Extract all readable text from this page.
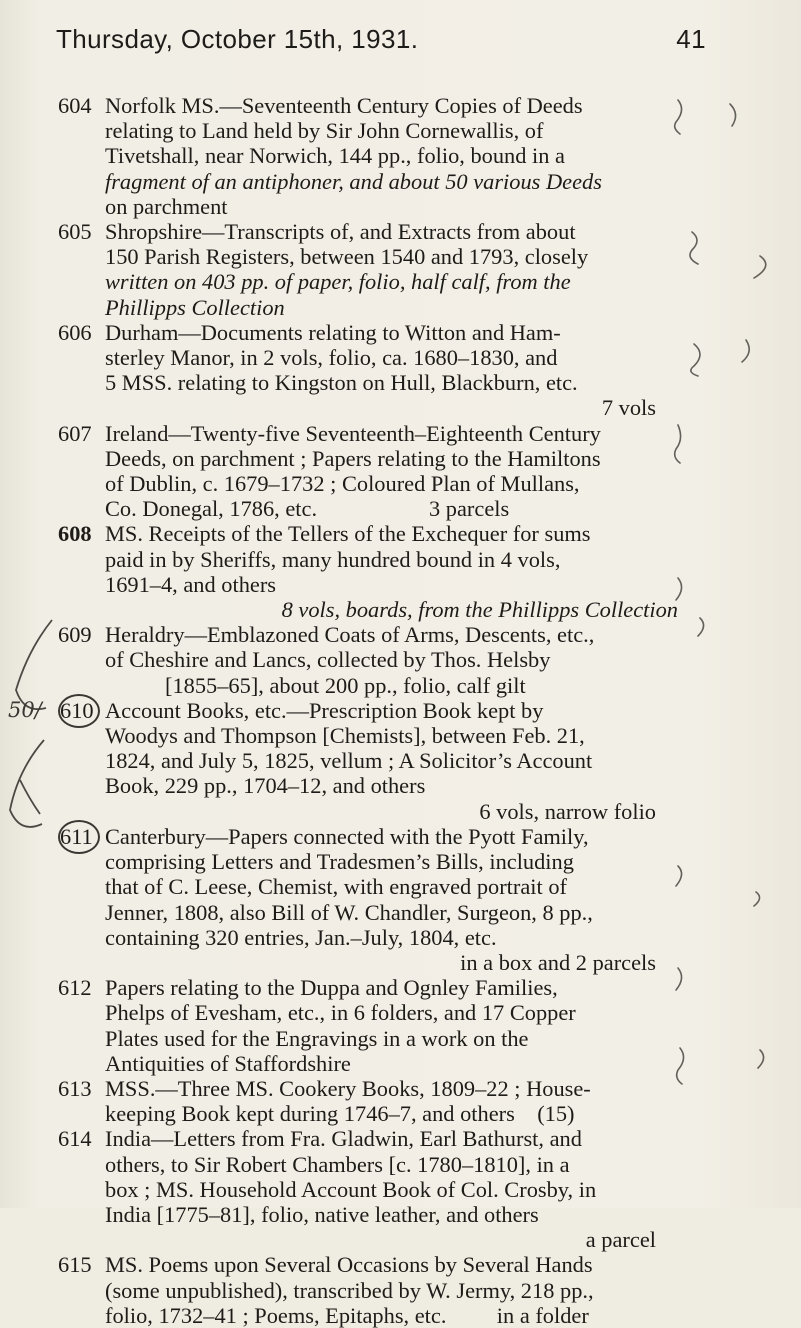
Thursday, October 15th, 1931.	41
604 Norfolk MS.—Seventeenth Century Copies of Deeds
relating to Land held by Sir John Cornewallis, of
Tivetshall, near Norwich, 144 pp., folio, bound in a
fragment of an antiphoner, and about 50 various Deeds
on parchment
605 Shropshire—Transcripts of, and Extracts from about
150 Parish Registers, between 1540 and 1793, closely
written on 403 pp. of paper, folio, half calf, from the
Phillipps Collection
606 Durham—Documents relating to Witton and Ham-
sterley Manor, in 2 vols, folio, ca. 1680–1830, and
5 MSS. relating to Kingston on Hull, Blackburn, etc.
7 vols
607 Ireland—Twenty-five Seventeenth–Eighteenth Century
Deeds, on parchment ; Papers relating to the Hamiltons
of Dublin, c. 1679–1732 ; Coloured Plan of Mullans,
Co. Donegal, 1786, etc.                    3 parcels
608 MS. Receipts of the Tellers of the Exchequer for sums
paid in by Sheriffs, many hundred bound in 4 vols,
1691–4, and others
8 vols, boards, from the Phillipps Collection
609 Heraldry—Emblazoned Coats of Arms, Descents, etc.,
of Cheshire and Lancs, collected by Thos. Helsby
[1855–65], about 200 pp., folio, calf gilt
50/ 610 Account Books, etc.—Prescription Book kept by
Woodys and Thompson [Chemists], between Feb. 21,
1824, and July 5, 1825, vellum ; A Solicitor’s Account
Book, 229 pp., 1704–12, and others
6 vols, narrow folio
611 Canterbury—Papers connected with the Pyott Family,
comprising Letters and Tradesmen’s Bills, including
that of C. Leese, Chemist, with engraved portrait of
Jenner, 1808, also Bill of W. Chandler, Surgeon, 8 pp.,
containing 320 entries, Jan.–July, 1804, etc.
in a box and 2 parcels
612 Papers relating to the Duppa and Ognley Families,
Phelps of Evesham, etc., in 6 folders, and 17 Copper
Plates used for the Engravings in a work on the
Antiquities of Staffordshire
613 MSS.—Three MS. Cookery Books, 1809–22 ; House-
keeping Book kept during 1746–7, and others    (15)
614 India—Letters from Fra. Gladwin, Earl Bathurst, and
others, to Sir Robert Chambers [c. 1780–1810], in a
box ; MS. Household Account Book of Col. Crosby, in
India [1775–81], folio, native leather, and others
a parcel
615 MS. Poems upon Several Occasions by Several Hands
(some unpublished), transcribed by W. Jermy, 218 pp.,
folio, 1732–41 ; Poems, Epitaphs, etc.         in a folder
